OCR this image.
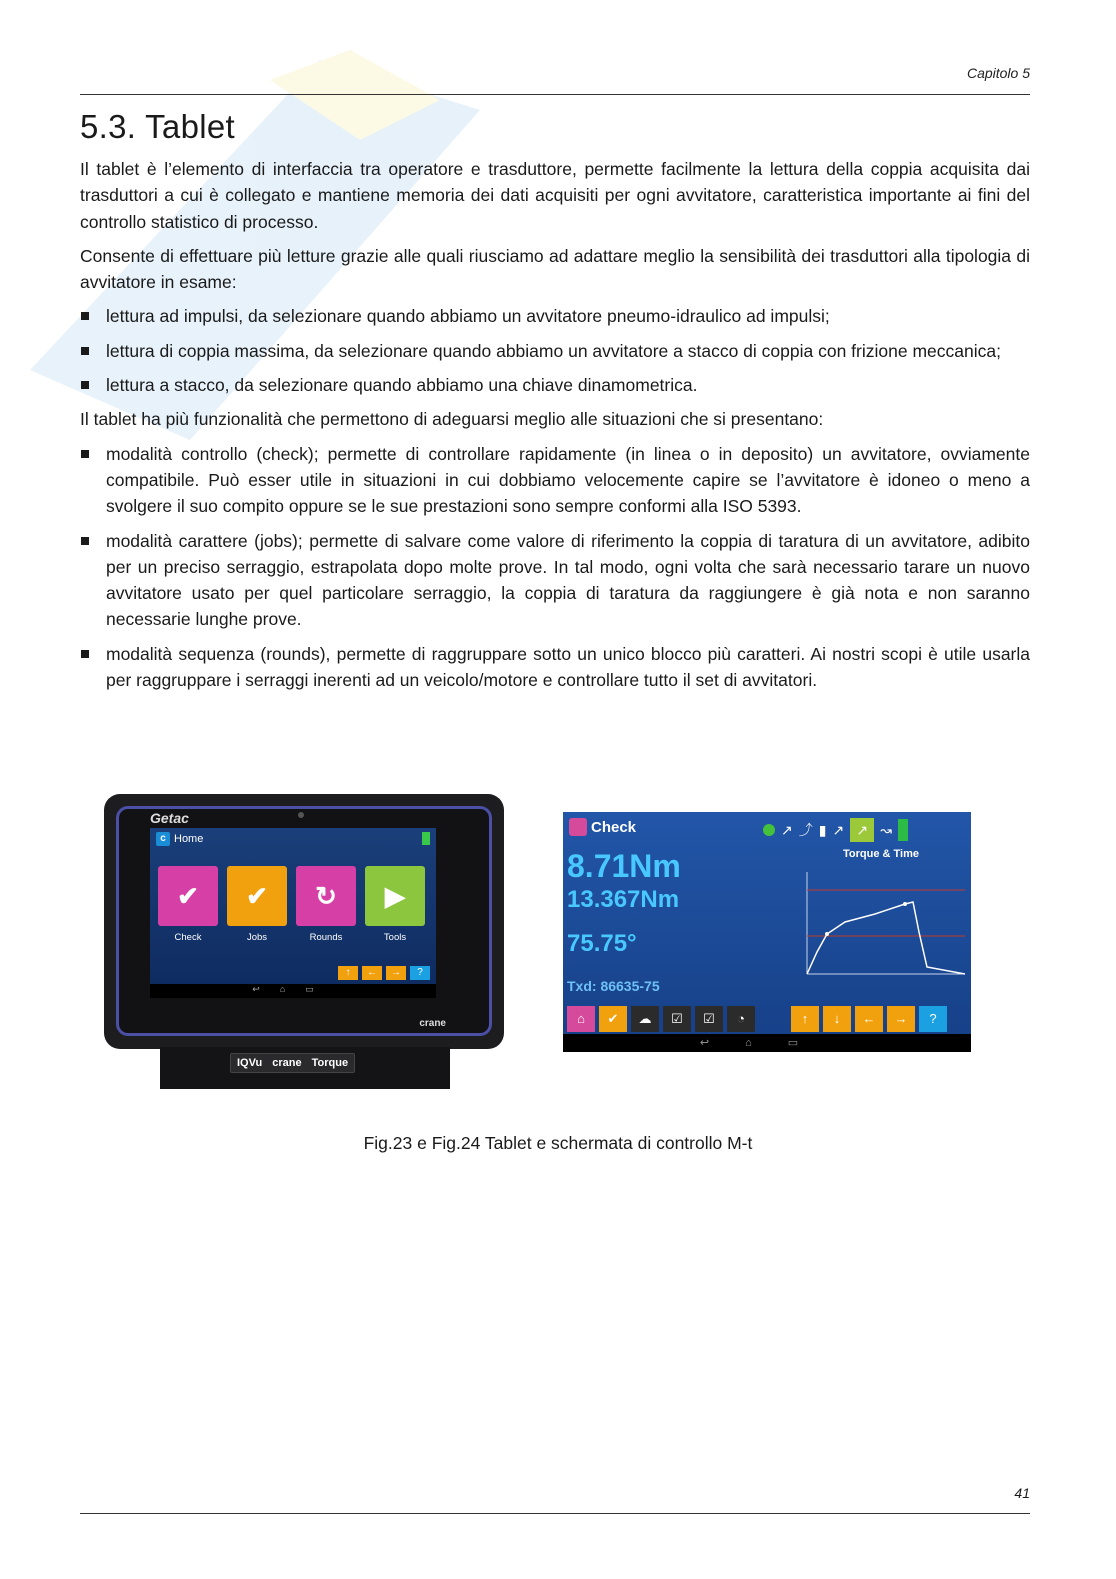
Capitolo 5
5.3. Tablet

Il tablet è l’elemento di interfaccia tra operatore e trasduttore, permette facilmente la lettura della coppia acquisita dai trasduttori a cui è collegato e mantiene memoria dei dati acquisiti per ogni avvitatore, caratteristica importante ai fini del controllo statistico di processo.

Consente di effettuare più letture grazie alle quali riusciamo ad adattare meglio la sensibilità dei trasduttori alla tipologia di avvitatore in esame:

lettura ad impulsi, da selezionare quando abbiamo un avvitatore pneumo-idraulico ad impulsi;
lettura di coppia massima, da selezionare quando abbiamo un avvitatore a stacco di coppia con frizione meccanica;
lettura a stacco, da selezionare quando abbiamo una chiave dinamometrica.

Il tablet ha più funzionalità che permettono di adeguarsi meglio alle situazioni che si presentano:

modalità controllo (check); permette di controllare rapidamente (in linea o in deposito) un avvitatore, ovviamente compatibile. Può esser utile in situazioni in cui dobbiamo velocemente capire se l’avvitatore è idoneo o meno a svolgere il suo compito oppure se le sue prestazioni sono sempre conformi alla ISO 5393.
modalità carattere (jobs); permette di salvare come valore di riferimento la coppia di taratura di un avvitatore, adibito per un preciso serraggio, estrapolata dopo molte prove. In tal modo, ogni volta che sarà necessario tarare un nuovo avvitatore usato per quel particolare serraggio, la coppia di taratura da raggiungere è già nota e non saranno necessarie lunghe prove.
modalità sequenza (rounds), permette di raggruppare sotto un unico blocco più caratteri. Ai nostri scopi è utile usarla per raggruppare i serraggi inerenti ad un veicolo/motore e controllare tutto il set di avvitatori.
Getac
c Home
✔	✔	↻	▶
Check	Jobs	Rounds	Tools
↑	←	→	?
↩⌂▭
crane
IQVu crane Torque
Check	↗ ⤴ ▮ ↗ ↗ ↝
8.71Nm
13.367Nm
75.75°
Txd: 86635-75
Torque & Time
⌂	✔	☁	☑	☑	◔	↑	↓	←	→	?
↩⌂▭
Fig.23 e Fig.24 Tablet e schermata di controllo M-t
41
